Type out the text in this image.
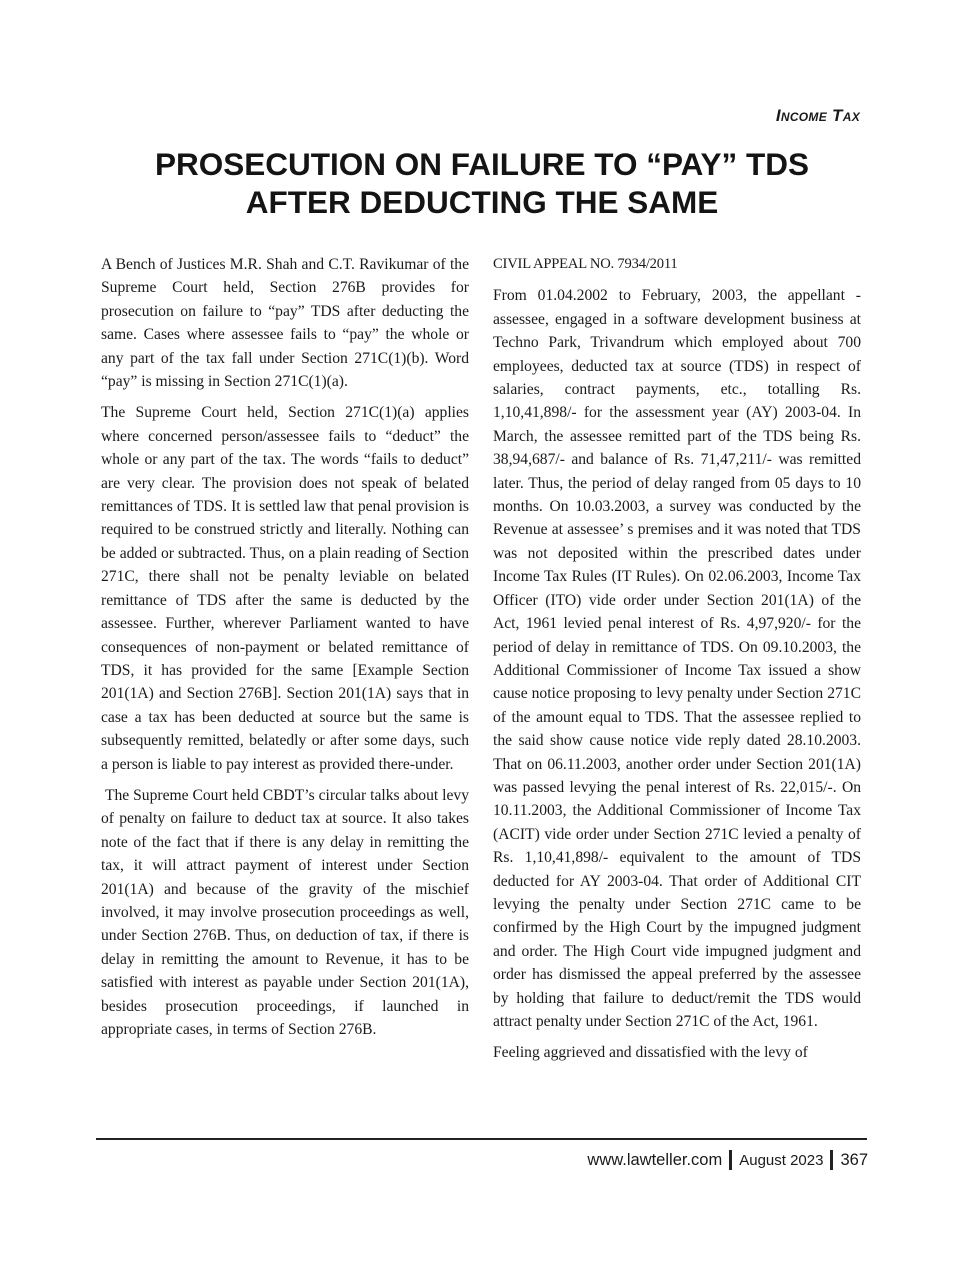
Income Tax
PROSECUTION ON FAILURE TO “PAY” TDS AFTER DEDUCTING THE SAME

A Bench of Justices M.R. Shah and C.T. Ravikumar of the Supreme Court held, Section 276B provides for prosecution on failure to “pay” TDS after deducting the same. Cases where assessee fails to “pay” the whole or any part of the tax fall under Section 271C(1)(b). Word “pay” is missing in Section 271C(1)(a).

The Supreme Court held, Section 271C(1)(a) applies where concerned person/assessee fails to “deduct” the whole or any part of the tax. The words “fails to deduct” are very clear. The provision does not speak of belated remittances of TDS. It is settled law that penal provision is required to be construed strictly and literally. Nothing can be added or subtracted. Thus, on a plain reading of Section 271C, there shall not be penalty leviable on belated remittance of TDS after the same is deducted by the assessee. Further, wherever Parliament wanted to have consequences of non-payment or belated remittance of TDS, it has provided for the same [Example Section 201(1A) and Section 276B]. Section 201(1A) says that in case a tax has been deducted at source but the same is subsequently remitted, belatedly or after some days, such a person is liable to pay interest as provided there-under.

The Supreme Court held CBDT’s circular talks about levy of penalty on failure to deduct tax at source. It also takes note of the fact that if there is any delay in remitting the tax, it will attract payment of interest under Section 201(1A) and because of the gravity of the mischief involved, it may involve prosecution proceedings as well, under Section 276B. Thus, on deduction of tax, if there is delay in remitting the amount to Revenue, it has to be satisfied with interest as payable under Section 201(1A), besides prosecution proceedings, if launched in appropriate cases, in terms of Section 276B.

CIVIL APPEAL NO. 7934/2011

From 01.04.2002 to February, 2003, the appellant - assessee, engaged in a software development business at Techno Park, Trivandrum which employed about 700 employees, deducted tax at source (TDS) in respect of salaries, contract payments, etc., totalling Rs. 1,10,41,898/- for the assessment year (AY) 2003-04. In March, the assessee remitted part of the TDS being Rs. 38,94,687/- and balance of Rs. 71,47,211/- was remitted later. Thus, the period of delay ranged from 05 days to 10 months. On 10.03.2003, a survey was conducted by the Revenue at assessee’ s premises and it was noted that TDS was not deposited within the prescribed dates under Income Tax Rules (IT Rules). On 02.06.2003, Income Tax Officer (ITO) vide order under Section 201(1A) of the Act, 1961 levied penal interest of Rs. 4,97,920/- for the period of delay in remittance of TDS. On 09.10.2003, the Additional Commissioner of Income Tax issued a show cause notice proposing to levy penalty under Section 271C of the amount equal to TDS. That the assessee replied to the said show cause notice vide reply dated 28.10.2003. That on 06.11.2003, another order under Section 201(1A) was passed levying the penal interest of Rs. 22,015/-. On 10.11.2003, the Additional Commissioner of Income Tax (ACIT) vide order under Section 271C levied a penalty of Rs. 1,10,41,898/- equivalent to the amount of TDS deducted for AY 2003-04. That order of Additional CIT levying the penalty under Section 271C came to be confirmed by the High Court by the impugned judgment and order. The High Court vide impugned judgment and order has dismissed the appeal preferred by the assessee by holding that failure to deduct/remit the TDS would attract penalty under Section 271C of the Act, 1961.

Feeling aggrieved and dissatisfied with the levy of

www.lawteller.com August 2023 367
